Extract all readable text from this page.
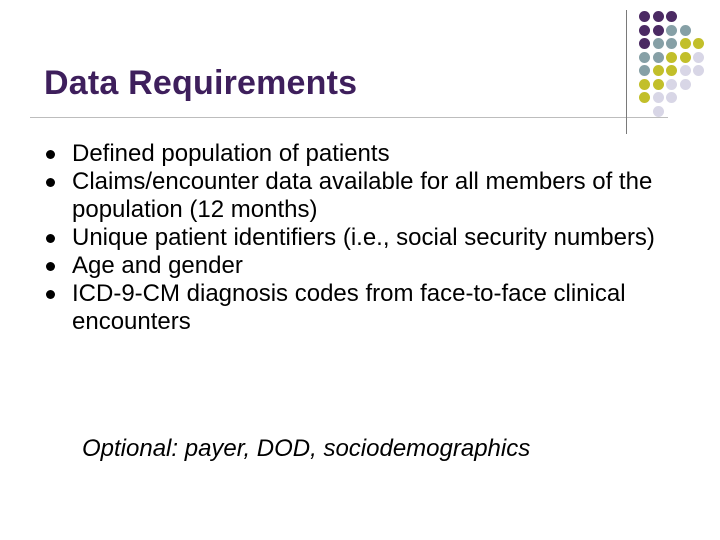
Data Requirements
Defined population of patients
Claims/encounter data available for all members of the population (12 months)
Unique patient identifiers (i.e., social security numbers)
Age and gender
ICD-9-CM diagnosis codes from face-to-face clinical encounters
Optional: payer, DOD, sociodemographics
